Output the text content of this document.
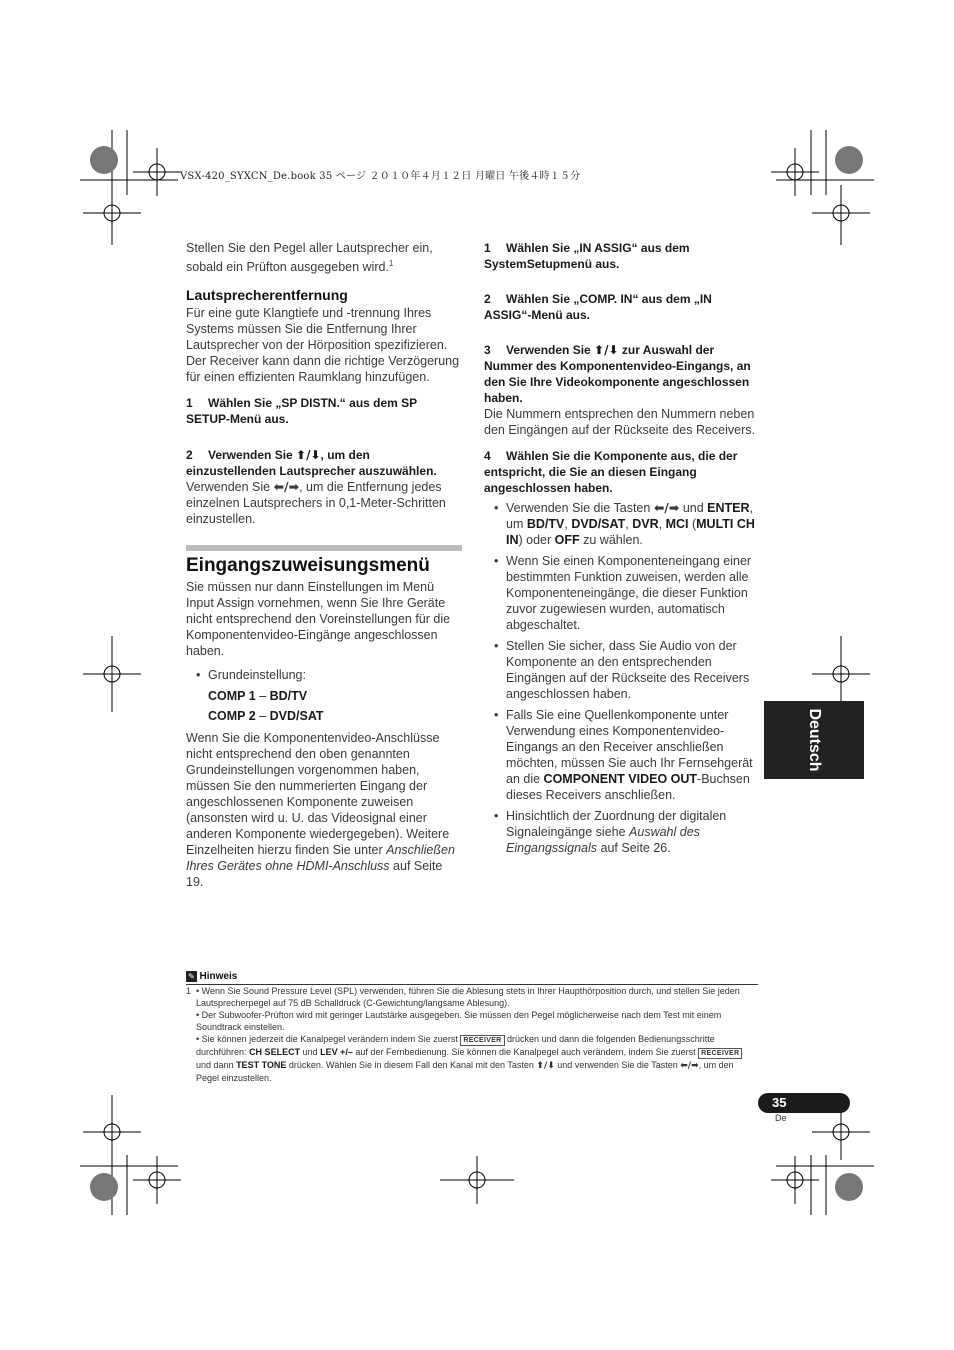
VSX-420_SYXCN_De.book 35 ページ ２０１０年４月１２日 月曜日 午後４時１５分

Stellen Sie den Pegel aller Lautsprecher ein, sobald ein Prüfton ausgegeben wird.$^1$

Lautsprecherentfernung

Für eine gute Klangtiefe und -trennung Ihres Systems müssen Sie die Entfernung Ihrer Lautsprecher von der Hörposition spezifizieren. Der Receiver kann dann die richtige Verzögerung für einen effizienten Raumklang hinzufügen.

1 Wählen Sie „SP DISTN.“ aus dem SP SETUP-Menü aus.
2 Verwenden Sie ⬆/⬇, um den einzustellenden Lautsprecher auszuwählen.

Verwenden Sie ⬅/➡, um die Entfernung jedes einzelnen Lautsprechers in 0,1-Meter-Schritten einzustellen.

Eingangszuweisungsmenü

Sie müssen nur dann Einstellungen im Menü Input Assign vornehmen, wenn Sie Ihre Geräte nicht entsprechend den Voreinstellungen für die Komponentenvideo-Eingänge angeschlossen haben.

• Grundeinstellung:
COMP 1 – BD/TV
COMP 2 – DVD/SAT

Wenn Sie die Komponentenvideo-Anschlüsse nicht entsprechend den oben genannten Grundeinstellungen vorgenommen haben, müssen Sie den nummerierten Eingang der angeschlossenen Komponente zuweisen (ansonsten wird u. U. das Videosignal einer anderen Komponente wiedergegeben). Weitere Einzelheiten hierzu finden Sie unter Anschließen Ihres Gerätes ohne HDMI-Anschluss auf Seite 19.

1 Wählen Sie „IN ASSIG“ aus dem SystemSetupmenü aus.
2 Wählen Sie „COMP. IN“ aus dem „IN ASSIG“-Menü aus.
3 Verwenden Sie ⬆/⬇ zur Auswahl der Nummer des Komponentenvideo-Eingangs, an den Sie Ihre Videokomponente angeschlossen haben.

Die Nummern entsprechen den Nummern neben den Eingängen auf der Rückseite des Receivers.

4 Wählen Sie die Komponente aus, die der entspricht, die Sie an diesen Eingang angeschlossen haben.
• Verwenden Sie die Tasten ⬅/➡ und ENTER, um BD/TV, DVD/SAT, DVR, MCI (MULTI CH IN) oder OFF zu wählen.
• Wenn Sie einen Komponenteneingang einer bestimmten Funktion zuweisen, werden alle Komponenteneingänge, die dieser Funktion zuvor zugewiesen wurden, automatisch abgeschaltet.
• Stellen Sie sicher, dass Sie Audio von der Komponente an den entsprechenden Eingängen auf der Rückseite des Receivers angeschlossen haben.
• Falls Sie eine Quellenkomponente unter Verwendung eines Komponentenvideo-Eingangs an den Receiver anschließen möchten, müssen Sie auch Ihr Fernsehgerät an die COMPONENT VIDEO OUT-Buchsen dieses Receivers anschließen.
• Hinsichtlich der Zuordnung der digitalen Signaleingänge siehe Auswahl des Eingangssignals auf Seite 26.
Deutsch
✎ Hinweis
1 • Wenn Sie Sound Pressure Level (SPL) verwenden, führen Sie die Ablesung stets in Ihrer Haupthörposition durch, und stellen Sie jeden Lautsprecherpegel auf 75 dB Schalldruck (C-Gewichtung/langsame Ablesung).
• Der Subwoofer-Prüfton wird mit geringer Lautstärke ausgegeben. Sie müssen den Pegel möglicherweise nach dem Test mit einem Soundtrack einstellen.
• Sie können jederzeit die Kanalpegel verändern indem Sie zuerst RECEIVER drücken und dann die folgenden Bedienungsschritte durchführen: CH SELECT und LEV +/– auf der Fernbedienung. Sie können die Kanalpegel auch verändern, indem Sie zuerst RECEIVER und dann TEST TONE drücken. Wählen Sie in diesem Fall den Kanal mit den Tasten ⬆/⬇ und verwenden Sie die Tasten ⬅/➡, um den Pegel einzustellen.
35
De
